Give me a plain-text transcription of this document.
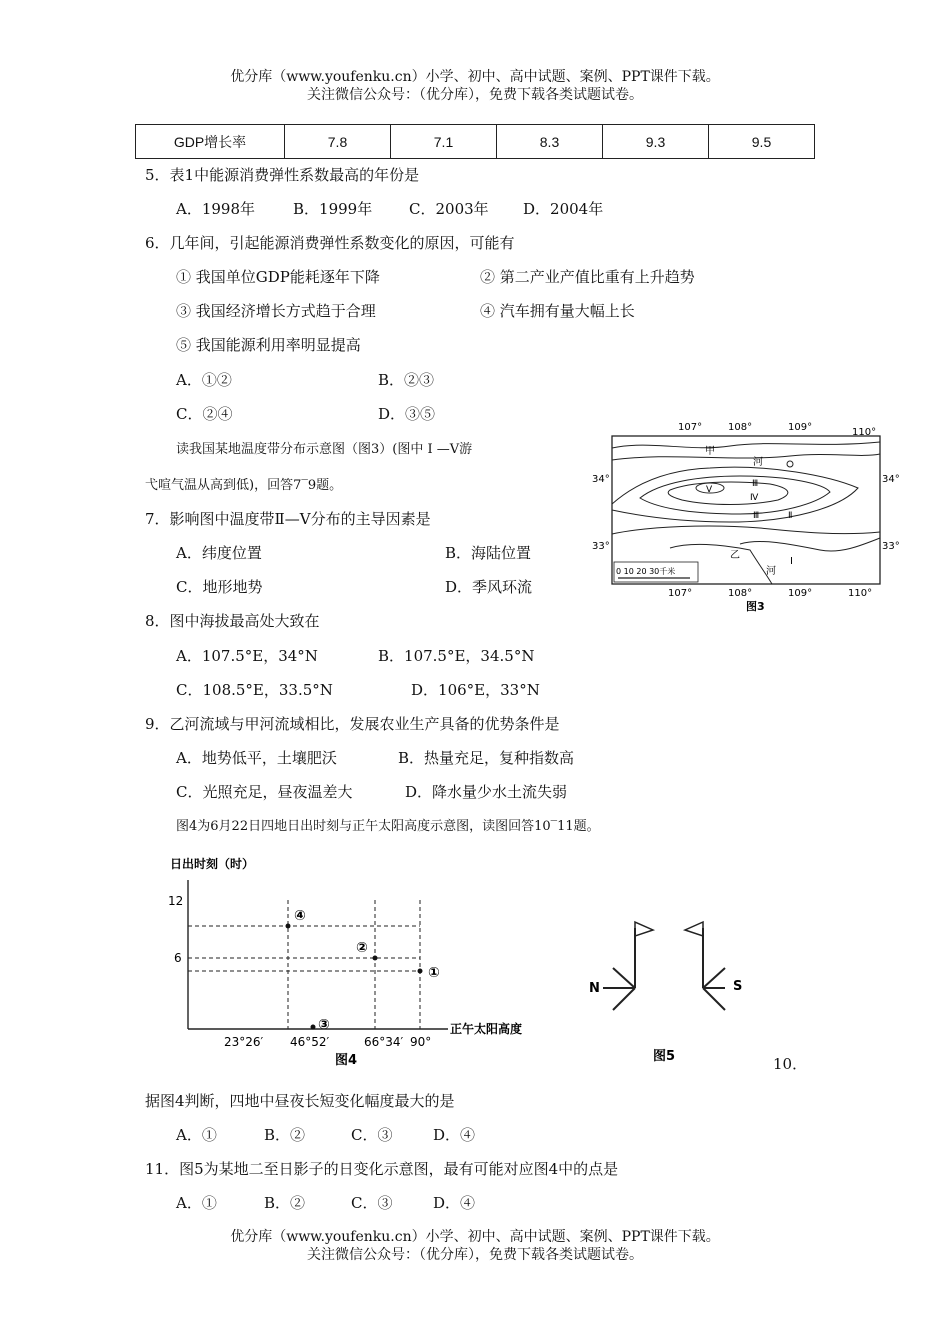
优分库（www.youfenku.cn）小学、初中、高中试题、案例、PPT课件下载。
关注微信公众号：（优分库），免费下载各类试题试卷。
GDP增长率	7.8	7.1	8.3	9.3	9.5
5．表1中能源消费弹性系数最高的年份是
A．1998年	B．1999年 C．2003年 D．2004年
6．几年间，引起能源消费弹性系数变化的原因，可能有
① 我国单位GDP能耗逐年下降	② 第二产业产值比重有上升趋势
③ 我国经济增长方式趋于合理	④ 汽车拥有量大幅上长
⑤ 我国能源利用率明显提高
A．①②	B．②③
C．②④	D．③⑤
读我国某地温度带分布示意图（图3）(图中 Ⅰ —Ⅴ游
弋喧气温从高到低)，回答7‾9题。
7．影响图中温度带Ⅱ—Ⅴ分布的主导因素是
A．纬度位置	B．海陆位置
C．地形地势	D．季风环流
8．图中海拔最高处大致在
A．107.5°E，34°N	B．107.5°E，34.5°N
C．108.5°E，33.5°N	D．106°E，33°N
9．乙河流域与甲河流域相比，发展农业生产具备的优势条件是
A．地势低平，土壤肥沃	B．热量充足，复种指数高
C．光照充足，昼夜温差大	D．降水量少水土流失弱
图4为6月22日四地日出时刻与正午太阳高度示意图，读图回答10‾11题。
107°	108°	109°	110°
34°	34°
33°	33°
甲
河
Ⅴ
Ⅳ
Ⅲ
Ⅲ	Ⅱ
Ⅰ
乙
河
0 10 20 30千米
107°	108°	109°	110°
图3
日出时刻（时）
12
6
④
②
①
③	正午太阳高度
23°26′ 46°52′	66°34′ 90°
图4
N	S
图5	10．
据图4判断，四地中昼夜长短变化幅度最大的是
A．①	B．②	C．③	D．④
11．图5为某地二至日影子的日变化示意图，最有可能对应图4中的点是
A．①	B．②	C．③	D．④
优分库（www.youfenku.cn）小学、初中、高中试题、案例、PPT课件下载。
关注微信公众号：（优分库），免费下载各类试题试卷。
